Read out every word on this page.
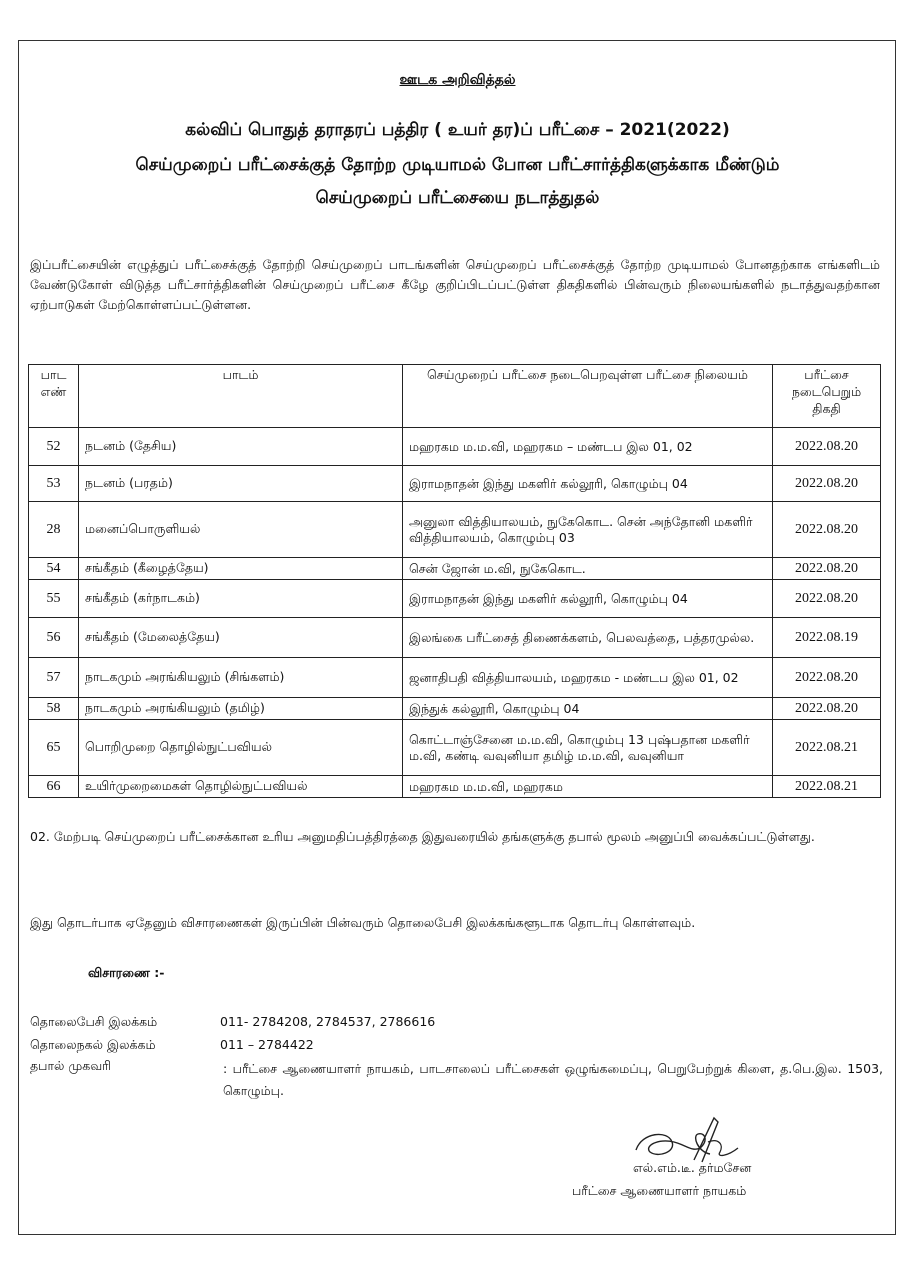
ஊடக அறிவித்தல்
கல்விப் பொதுத் தராதரப் பத்திர ( உயர் தர)ப் பரீட்சை – 2021(2022)
செய்முறைப் பரீட்சைக்குத் தோற்ற முடியாமல் போன பரீட்சார்த்திகளுக்காக மீண்டும்
செய்முறைப் பரீட்சையை நடாத்துதல்
இப்பரீட்சையின் எழுத்துப் பரீட்சைக்குத் தோற்றி செய்முறைப் பாடங்களின் செய்முறைப் பரீட்சைக்குத் தோற்ற முடியாமல் போனதற்காக எங்களிடம் வேண்டுகோள் விடுத்த பரீட்சார்த்திகளின் செய்முறைப் பரீட்சை கீழே குறிப்பிடப்பட்டுள்ள திகதிகளில் பின்வரும் நிலையங்களில் நடாத்துவதற்கான ஏற்பாடுகள் மேற்கொள்ளப்பட்டுள்ளன.
பாட எண்	பாடம்	செய்முறைப் பரீட்சை நடைபெறவுள்ள பரீட்சை நிலையம்	பரீட்சை நடைபெறும் திகதி
52	நடனம் (தேசிய)	மஹரகம ம.ம.வி, மஹரகம – மண்டப இல 01, 02	2022.08.20
53	நடனம் (பரதம்)	இராமநாதன் இந்து மகளிர் கல்லூரி, கொழும்பு 04	2022.08.20
28	மனைப்பொருளியல்	அனுலா வித்தியாலயம், நுகேகொட. சென் அந்தோனி மகளிர் வித்தியாலயம், கொழும்பு 03	2022.08.20
54	சங்கீதம் (கீழைத்தேய)	சென் ஜோன் ம.வி, நுகேகொட.	2022.08.20
55	சங்கீதம் (கர்நாடகம்)	இராமநாதன் இந்து மகளிர் கல்லூரி, கொழும்பு 04	2022.08.20
56	சங்கீதம் (மேலைத்தேய)	இலங்கை பரீட்சைத் திணைக்களம், பெலவத்தை, பத்தரமுல்ல.	2022.08.19
57	நாடகமும் அரங்கியலும் (சிங்களம்)	ஜனாதிபதி வித்தியாலயம், மஹரகம - மண்டப இல 01, 02	2022.08.20
58	நாடகமும் அரங்கியலும் (தமிழ்)	இந்துக் கல்லூரி, கொழும்பு 04	2022.08.20
65	பொறிமுறை தொழில்நுட்பவியல்	கொட்டாஞ்சேனை ம.ம.வி, கொழும்பு 13 புஷ்பதான மகளிர் ம.வி, கண்டி வவுனியா தமிழ் ம.ம.வி, வவுனியா	2022.08.21
66	உயிர்முறைமைகள் தொழில்நுட்பவியல்	மஹரகம ம.ம.வி, மஹரகம	2022.08.21
02. மேற்படி செய்முறைப் பரீட்சைக்கான உரிய அனுமதிப்பத்திரத்தை இதுவரையில் தங்களுக்கு தபால் மூலம் அனுப்பி வைக்கப்பட்டுள்ளது.
இது தொடர்பாக ஏதேனும் விசாரணைகள் இருப்பின் பின்வரும் தொலைபேசி இலக்கங்களூடாக தொடர்பு கொள்ளவும்.
விசாரணை :-
தொலைபேசி இலக்கம்	011- 2784208, 2784537, 2786616
தொலைநகல் இலக்கம்	011 – 2784422
தபால் முகவரி	: பரீட்சை ஆணையாளர் நாயகம், பாடசாலைப் பரீட்சைகள் ஒழுங்கமைப்பு, பெறுபேற்றுக் கிளை, த.பெ.இல. 1503, கொழும்பு.
எல்.எம்.டீ. தர்மசேன
பரீட்சை ஆணையாளர் நாயகம்
